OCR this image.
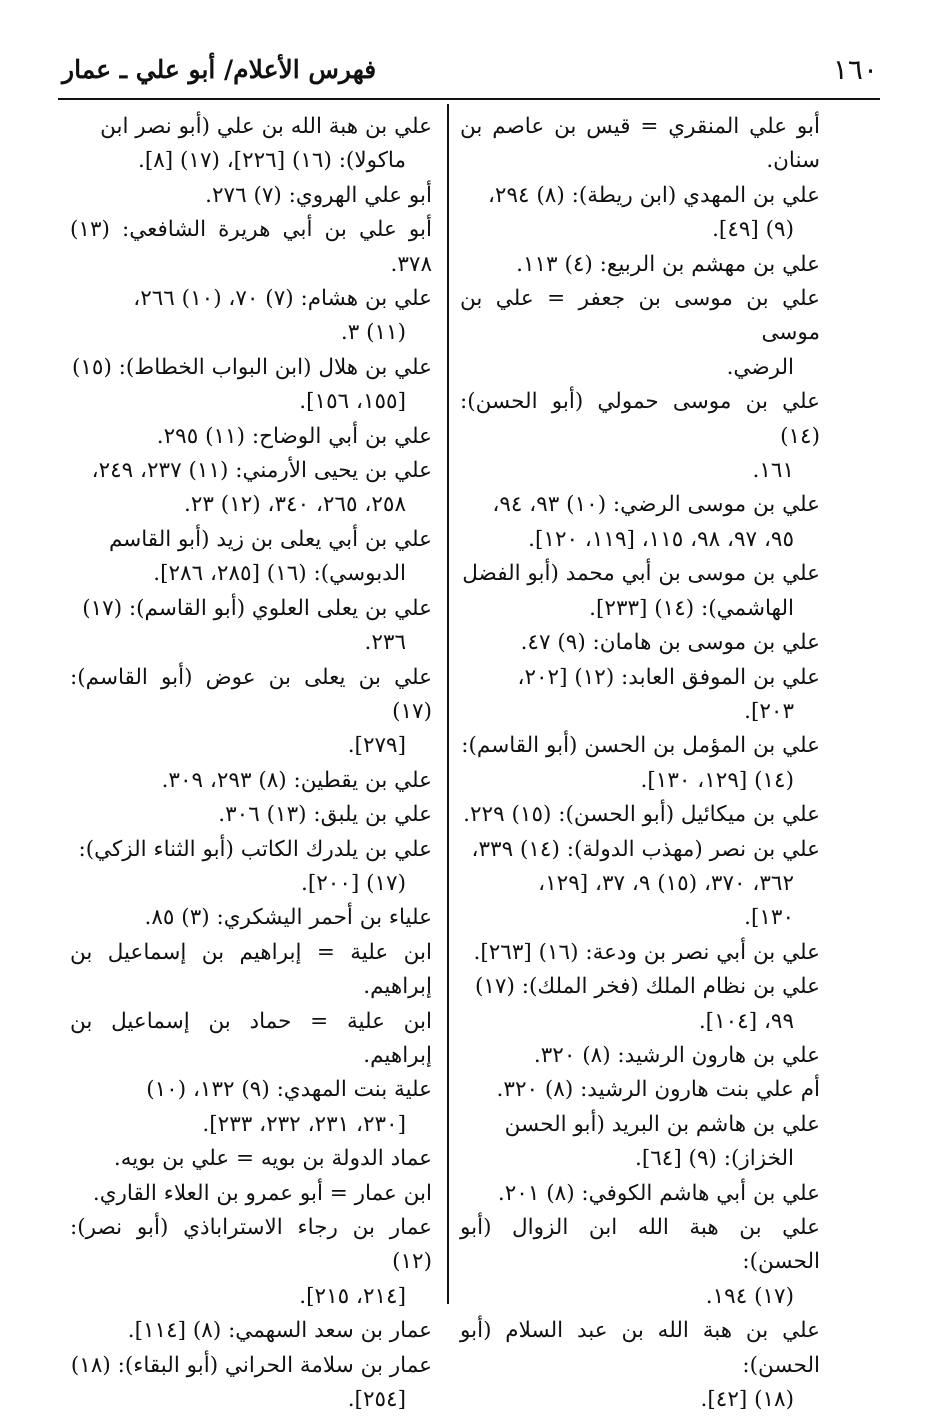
١٦٠
فهرس الأعلام/ أبو علي ـ عمار
أبو علي المنقري = قيس بن عاصم بن سنان.
علي بن المهدي (ابن ريطة): (٨) ٢٩٤،
(٩) [٤٩].
علي بن مهشم بن الربيع: (٤) ١١٣.
علي بن موسى بن جعفر = علي بن موسى
الرضي.
علي بن موسى حمولي (أبو الحسن): (١٤)
١٦١.
علي بن موسى الرضي: (١٠) ٩٣، ٩٤،
٩٥، ٩٧، ٩٨، ١١٥، [١١٩، ١٢٠].
علي بن موسى بن أبي محمد (أبو الفضل
الهاشمي): (١٤) [٢٣٣].
علي بن موسى بن هامان: (٩) ٤٧.
علي بن الموفق العابد: (١٢) [٢٠٢،
٢٠٣].
علي بن المؤمل بن الحسن (أبو القاسم):
(١٤) [١٢٩، ١٣٠].
علي بن ميكائيل (أبو الحسن): (١٥) ٢٢٩.
علي بن نصر (مهذب الدولة): (١٤) ٣٣٩،
٣٦٢، ٣٧٠، (١٥) ٩، ٣٧، [١٢٩،
١٣٠].
علي بن أبي نصر بن ودعة: (١٦) [٢٦٣].
علي بن نظام الملك (فخر الملك): (١٧)
٩٩، [١٠٤].
علي بن هارون الرشيد: (٨) ٣٢٠.
أم علي بنت هارون الرشيد: (٨) ٣٢٠.
علي بن هاشم بن البريد (أبو الحسن
الخزاز): (٩) [٦٤].
علي بن أبي هاشم الكوفي: (٨) ٢٠١.
علي بن هبة الله ابن الزوال (أبو الحسن):
(١٧) ١٩٤.
علي بن هبة الله بن عبد السلام (أبو الحسن):
(١٨) [٤٢].
علي بن هبة الله بن علي (أبو نصر ابن
ماكولا): (١٦) [٢٢٦]، (١٧) [٨].
أبو علي الهروي: (٧) ٢٧٦.
أبو علي بن أبي هريرة الشافعي: (١٣) ٣٧٨.
علي بن هشام: (٧) ٧٠، (١٠) ٢٦٦،
(١١) ٣.
علي بن هلال (ابن البواب الخطاط): (١٥)
[١٥٥، ١٥٦].
علي بن أبي الوضاح: (١١) ٢٩٥.
علي بن يحيى الأرمني: (١١) ٢٣٧، ٢٤٩،
٢٥٨، ٢٦٥، ٣٤٠، (١٢) ٢٣.
علي بن أبي يعلى بن زيد (أبو القاسم
الدبوسي): (١٦) [٢٨٥، ٢٨٦].
علي بن يعلى العلوي (أبو القاسم): (١٧)
٢٣٦.
علي بن يعلى بن عوض (أبو القاسم): (١٧)
[٢٧٩].
علي بن يقطين: (٨) ٢٩٣، ٣٠٩.
علي بن يلبق: (١٣) ٣٠٦.
علي بن يلدرك الكاتب (أبو الثناء الزكي):
(١٧) [٢٠٠].
علياء بن أحمر اليشكري: (٣) ٨٥.
ابن علية = إبراهيم بن إسماعيل بن إبراهيم.
ابن علية = حماد بن إسماعيل بن إبراهيم.
علية بنت المهدي: (٩) ١٣٢، (١٠)
[٢٣٠، ٢٣١، ٢٣٢، ٢٣٣].
عماد الدولة بن بويه = علي بن بويه.
ابن عمار = أبو عمرو بن العلاء القاري.
عمار بن رجاء الاستراباذي (أبو نصر): (١٢)
[٢١٤، ٢١٥].
عمار بن سعد السهمي: (٨) [١١٤].
عمار بن سلامة الحراني (أبو البقاء): (١٨)
[٢٥٤].
